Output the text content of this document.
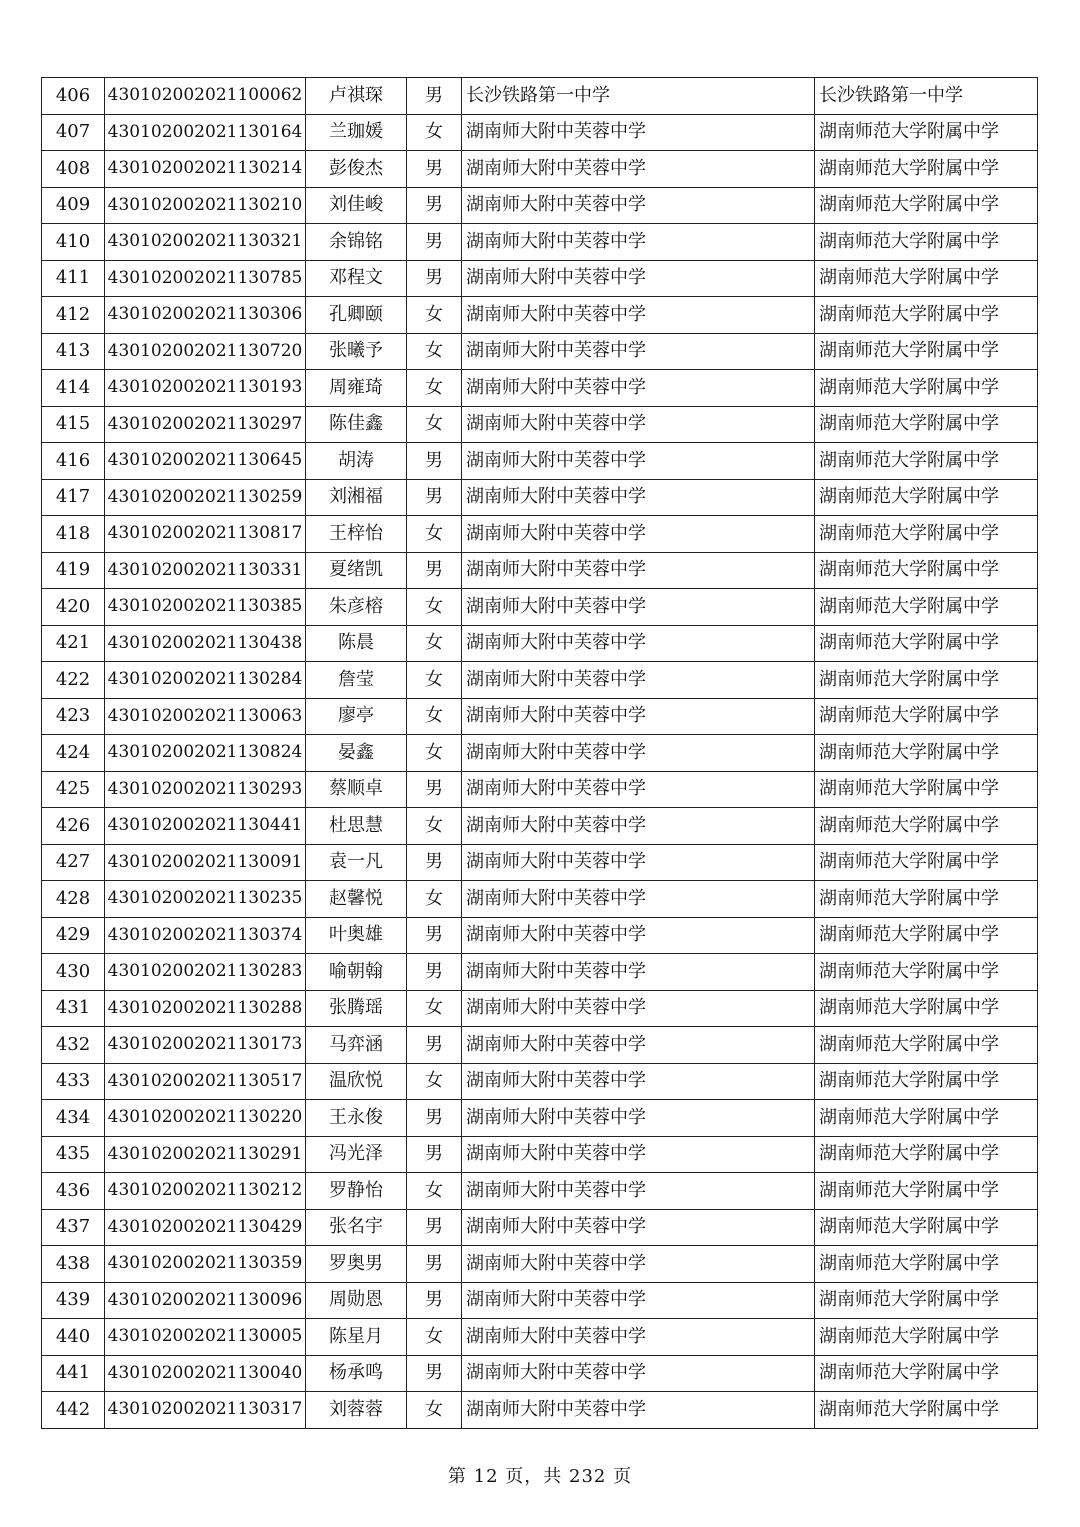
406	430102002021100062	卢祺琛	男	长沙铁路第一中学	长沙铁路第一中学
407	430102002021130164	兰珈媛	女	湖南师大附中芙蓉中学	湖南师范大学附属中学
408	430102002021130214	彭俊杰	男	湖南师大附中芙蓉中学	湖南师范大学附属中学
409	430102002021130210	刘佳峻	男	湖南师大附中芙蓉中学	湖南师范大学附属中学
410	430102002021130321	余锦铭	男	湖南师大附中芙蓉中学	湖南师范大学附属中学
411	430102002021130785	邓程文	男	湖南师大附中芙蓉中学	湖南师范大学附属中学
412	430102002021130306	孔卿颐	女	湖南师大附中芙蓉中学	湖南师范大学附属中学
413	430102002021130720	张曦予	女	湖南师大附中芙蓉中学	湖南师范大学附属中学
414	430102002021130193	周雍琦	女	湖南师大附中芙蓉中学	湖南师范大学附属中学
415	430102002021130297	陈佳鑫	女	湖南师大附中芙蓉中学	湖南师范大学附属中学
416	430102002021130645	胡涛	男	湖南师大附中芙蓉中学	湖南师范大学附属中学
417	430102002021130259	刘湘福	男	湖南师大附中芙蓉中学	湖南师范大学附属中学
418	430102002021130817	王梓怡	女	湖南师大附中芙蓉中学	湖南师范大学附属中学
419	430102002021130331	夏绪凯	男	湖南师大附中芙蓉中学	湖南师范大学附属中学
420	430102002021130385	朱彦榕	女	湖南师大附中芙蓉中学	湖南师范大学附属中学
421	430102002021130438	陈晨	女	湖南师大附中芙蓉中学	湖南师范大学附属中学
422	430102002021130284	詹莹	女	湖南师大附中芙蓉中学	湖南师范大学附属中学
423	430102002021130063	廖亭	女	湖南师大附中芙蓉中学	湖南师范大学附属中学
424	430102002021130824	晏鑫	女	湖南师大附中芙蓉中学	湖南师范大学附属中学
425	430102002021130293	蔡顺卓	男	湖南师大附中芙蓉中学	湖南师范大学附属中学
426	430102002021130441	杜思慧	女	湖南师大附中芙蓉中学	湖南师范大学附属中学
427	430102002021130091	袁一凡	男	湖南师大附中芙蓉中学	湖南师范大学附属中学
428	430102002021130235	赵馨悦	女	湖南师大附中芙蓉中学	湖南师范大学附属中学
429	430102002021130374	叶奥雄	男	湖南师大附中芙蓉中学	湖南师范大学附属中学
430	430102002021130283	喻朝翰	男	湖南师大附中芙蓉中学	湖南师范大学附属中学
431	430102002021130288	张腾瑶	女	湖南师大附中芙蓉中学	湖南师范大学附属中学
432	430102002021130173	马弈涵	男	湖南师大附中芙蓉中学	湖南师范大学附属中学
433	430102002021130517	温欣悦	女	湖南师大附中芙蓉中学	湖南师范大学附属中学
434	430102002021130220	王永俊	男	湖南师大附中芙蓉中学	湖南师范大学附属中学
435	430102002021130291	冯光泽	男	湖南师大附中芙蓉中学	湖南师范大学附属中学
436	430102002021130212	罗静怡	女	湖南师大附中芙蓉中学	湖南师范大学附属中学
437	430102002021130429	张名宇	男	湖南师大附中芙蓉中学	湖南师范大学附属中学
438	430102002021130359	罗奥男	男	湖南师大附中芙蓉中学	湖南师范大学附属中学
439	430102002021130096	周勋恩	男	湖南师大附中芙蓉中学	湖南师范大学附属中学
440	430102002021130005	陈星月	女	湖南师大附中芙蓉中学	湖南师范大学附属中学
441	430102002021130040	杨承鸣	男	湖南师大附中芙蓉中学	湖南师范大学附属中学
442	430102002021130317	刘蓉蓉	女	湖南师大附中芙蓉中学	湖南师范大学附属中学
第 12 页，共 232 页
